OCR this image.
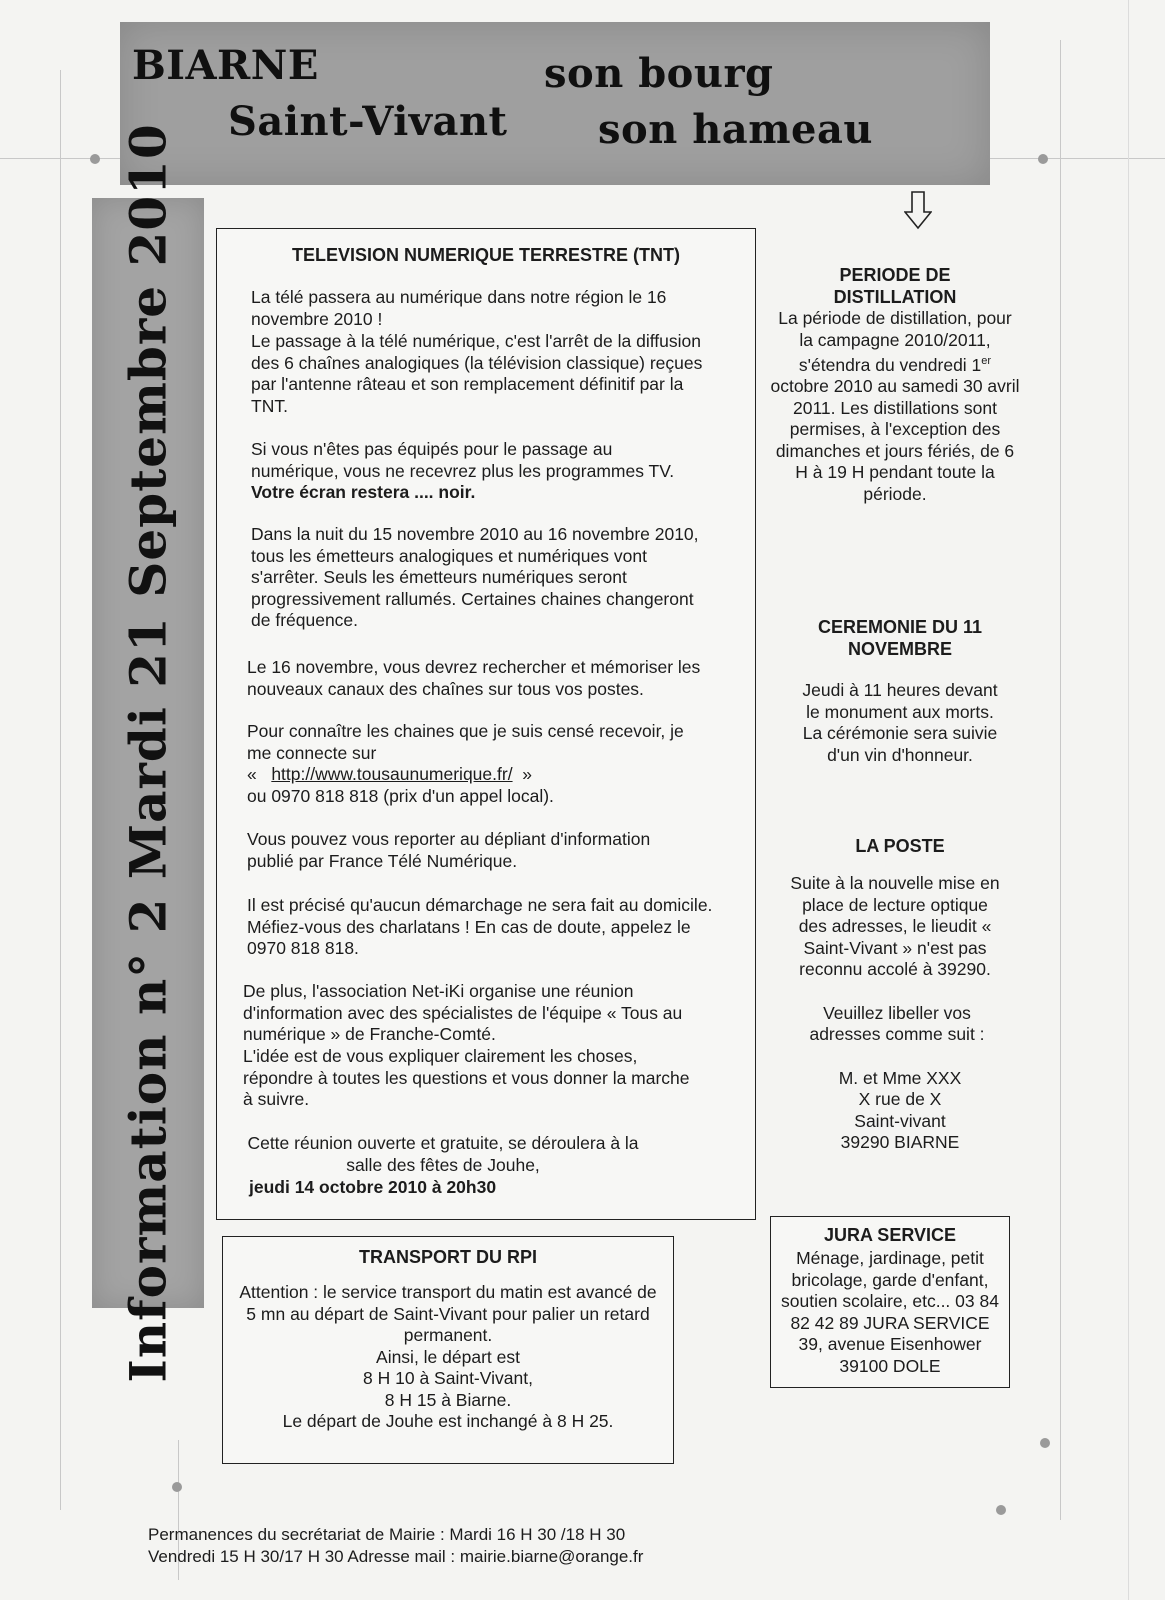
BIARNE	son bourg
Saint-Vivant son hameau
Information n° 2 Mardi 21 Septembre 2010	TELEVISION NUMERIQUE TERRESTRE (TNT)

La télé passera au numérique dans notre région le 16 novembre 2010 !

Le passage à la télé numérique, c'est l'arrêt de la diffusion des 6 chaînes analogiques (la télévision classique) reçues par l'antenne râteau et son remplacement définitif par la TNT.

Si vous n'êtes pas équipés pour le passage au numérique, vous ne recevrez plus les programmes TV.

Votre écran restera .... noir.

Dans la nuit du 15 novembre 2010 au 16 novembre 2010, tous les émetteurs analogiques et numériques vont s'arrêter. Seuls les émetteurs numériques seront progressivement rallumés. Certaines chaines changeront de fréquence.

Le 16 novembre, vous devrez rechercher et mémoriser les nouveaux canaux des chaînes sur tous vos postes.

Pour connaître les chaines que je suis censé recevoir, je me connecte sur

« http://www.tousaunumerique.fr/ »

ou 0970 818 818 (prix d'un appel local).

Vous pouvez vous reporter au dépliant d'information publié par France Télé Numérique.

Il est précisé qu'aucun démarchage ne sera fait au domicile. Méfiez-vous des charlatans ! En cas de doute, appelez le 0970 818 818.

De plus, l'association Net-iKi organise une réunion d'information avec des spécialistes de l'équipe « Tous au numérique » de Franche-Comté.

L'idée est de vous expliquer clairement les choses, répondre à toutes les questions et vous donner la marche à suivre.

Cette réunion ouverte et gratuite, se déroulera à la salle des fêtes de Jouhe,

jeudi 14 octobre 2010 à 20h30

PERIODE DE DISTILLATION

La période de distillation, pour la campagne 2010/2011, s'étendra du vendredi 1er octobre 2010 au samedi 30 avril 2011. Les distillations sont permises, à l'exception des dimanches et jours fériés, de 6 H à 19 H pendant toute la période.

CEREMONIE DU 11 NOVEMBRE

Jeudi à 11 heures devant le monument aux morts. La cérémonie sera suivie d'un vin d'honneur.

LA POSTE

Suite à la nouvelle mise en place de lecture optique des adresses, le lieudit « Saint-Vivant » n'est pas reconnu accolé à 39290.

Veuillez libeller vos adresses comme suit :

M. et Mme XXX

X rue de X

Saint-vivant

39290 BIARNE

JURA SERVICE

Ménage, jardinage, petit bricolage, garde d'enfant, soutien scolaire, etc... 03 84 82 42 89 JURA SERVICE 39, avenue Eisenhower 39100 DOLE

TRANSPORT DU RPI

Attention : le service transport du matin est avancé de 5 mn au départ de Saint-Vivant pour palier un retard permanent.

Ainsi, le départ est

8 H 10 à Saint-Vivant,

8 H 15 à Biarne.

Le départ de Jouhe est inchangé à 8 H 25.

Permanences du secrétariat de Mairie : Mardi 16 H 30 /18 H 30

Vendredi 15 H 30/17 H 30 Adresse mail : mairie.biarne@orange.fr
